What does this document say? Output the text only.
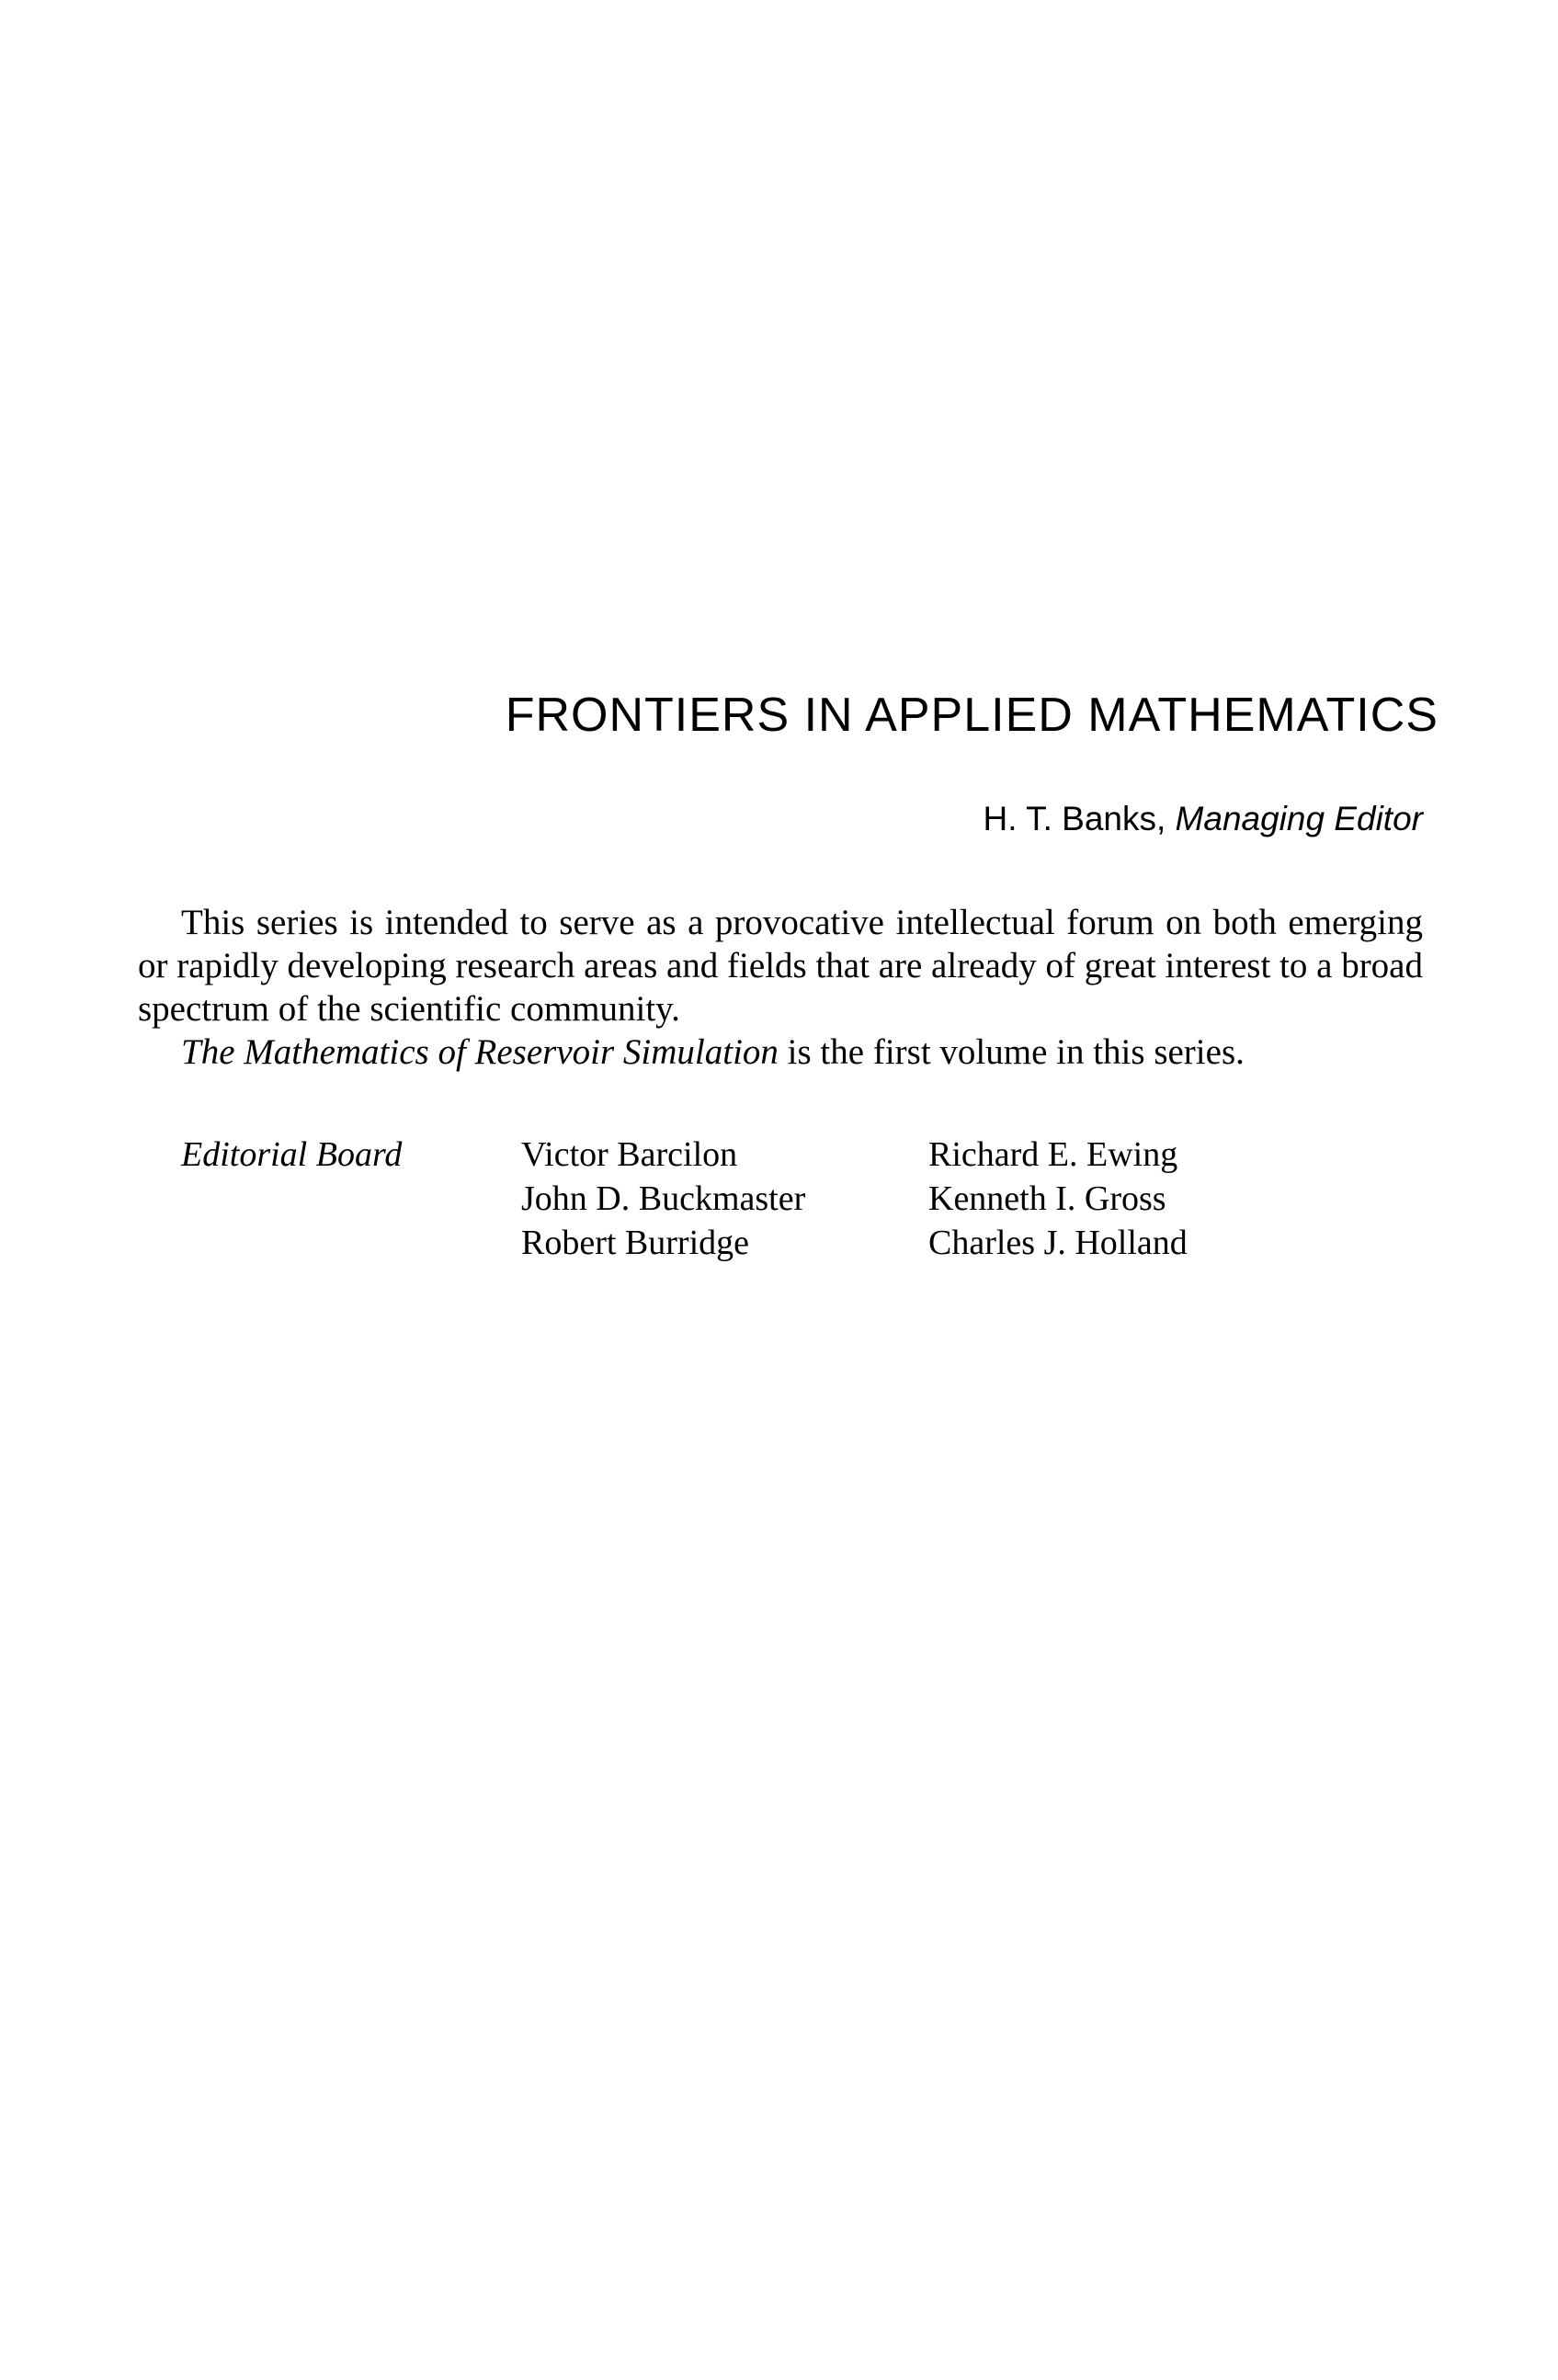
FRONTIERS IN APPLIED MATHEMATICS
H. T. Banks, Managing Editor

This series is intended to serve as a provocative intellectual forum on both emerging or rapidly developing research areas and fields that are already of great interest to a broad spectrum of the scientific community.

The Mathematics of Reservoir Simulation is the first volume in this series.

Editorial Board	Victor Barcilon
John D. Buckmaster
Robert Burridge
Richard E. Ewing
Kenneth I. Gross
Charles J. Holland
